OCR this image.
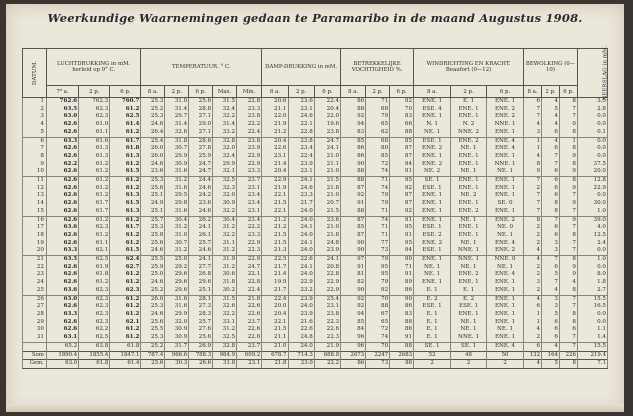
Weerkundige Waarnemingen gedaan te Paramaribo in de maand Augustus 1908.
DATUM.	LUCHTDRUKKING in mM. herleid op 0° C.			TEMPERATUUR. ° C.					DAMP-DRUKKING in mM.			BETREKKELIJKE VOCHTIGHEID %.			WINDRICHTING EN KRACHT. Beaufort (0—12)			BEWOLKING (0—10)			NEERSLAG in mM.
	7⁸ a.	2 p.	6 p.	8 a.	2 p.	6 p.	Max.	Min.	8 a.	2 p.	6 p.	8 a.	2 p.	6 p.	8 a.	2 p.	6 p.	8 a.	2 p.	6 p.	
1	762.6	762.3	760.7	25.3	31.0	25.6	31.5	22.8	20.6	23.6	22.4	86	71	92	ENE. 1	E. 1	ENE. 1	6	4	8	3.5
2	63.5	62.3	61.2	25.2	31.4	28.8	32.4	23.3	21.1	23.1	20.4	88	68	70	ESE. 4	ENE. 1	ENE. 2	7	5	7	2.8
3	63.0	62.3	62.5	25.3	29.7	27.1	32.2	23.8	22.0	24.6	22.0	92	79	83	ENE. 1	ENE. 1	ENE. 2	7	4	7	0.0
4	62.6	61.0	61.4	24.6	31.4	29.0	31.4	22.2	21.9	22.1	19.6	94	65	66	N. 1	N. 2	NNE. 1	4	4	0	0.0
5	62.6	61.1	61.2	26.4	32.6	27.1	33.2	22.4	21.2	22.8	23.8	83	62	88	NE. 1	NNE. 2	ENE. 1	3	6	8	0.1
6	63.3	61.6	61.7	25.4	31.8	28.6	32.8	23.8	20.4	23.8	24.7	85	68	85	ESE. 1	ENE. 2	ENE. 4	1	4	1	0.0
7	62.6	61.3	61.8	26.0	30.7	27.8	32.0	23.9	22.6	23.4	24.1	86	80	87	ENE. 2	NE. 1	ENE. 4	1	6	8	0.0
8	62.6	61.3	61.3	26.0	29.9	25.9	32.4	22.9	23.1	22.4	21.0	86	85	87	ENE. 1	ENE. 1	ENE. 1	4	7	9	0.0
9	62.2	61.2	61.2	24.6	30.9	24.7	29.9	22.9	21.4	23.9	21.1	90	72	94	ENE. 2	ENE. 1	NNE. 1	8	7	8	37.5
10	62.6	61.2	61.5	23.6	31.6	24.7	32.1	23.3	20.4	23.1	21.0	88	74	91	NE. 2	NE. 1	NE. 1	9	6	9	20.0
11	62.6	61.2	61.2	25.3	31.2	24.4	32.5	23.7	22.9	24.1	21.5	88	71	95	SE. 1	ENE. 1	ENE. 1	7	6	8	12.8
12	62.6	61.2	61.2	25.6	31.6	24.6	32.3	23.1	21.9	24.6	21.8	87	74	92	ESE. 1	ENE. 1	ENE. 1	2	6	9	22.9
13	62.6	61.2	61.3	25.1	29.5	24.2	32.0	23.4	22.1	23.3	21.0	92	79	87	ENE. 1	NE. 2	ENE. 1	7	6	7	0.0
14	62.6	61.7	61.5	24.9	29.8	23.6	30.9	23.4	21.5	21.7	20.7	91	79	87	ENE. 1	ENE. 1	SE. 0	7	8	9	30.0
15	62.6	61.7	61.3	25.1	31.6	24.6	32.2	23.1	22.1	24.0	21.5	88	71	92	ENE. 1	ENE. 2	ENE. 1	7	8	7	1.0
16	62.6	61.2	61.2	25.7	30.4	26.2	30.4	23.4	21.2	24.0	23.6	87	74	91	ENE. 1	NE. 1	ENE. 2	8	7	9	39.0
17	63.6	62.3	61.7	25.3	31.2	24.1	31.2	22.2	21.2	24.1	21.0	85	71	95	ESE. 1	ENE. 1	NE. 0	2	6	7	4.0
18	62.6	61.2	61.2	25.8	31.0	26.1	32.2	23.3	21.5	24.0	21.8	87	71	91	ESE. 2	ENE. 1	NE. 1	2	6	8	12.5
19	62.6	61.1	61.2	25.6	30.7	25.7	31.1	22.9	21.5	24.1	24.8	90	77	95	ENE. 2	NE. 1	ENE. 4	2	3	7	2.4
20	63.3	62.1	61.5	24.6	31.2	24.6	31.2	22.3	21.3	24.0	23.9	90	73	94	ESE. 1	NNE. 1	ENE. 2	4	3	7	0.0
21	63.5	62.5	62.4	25.5	25.0	24.1	31.9	22.9	22.5	22.6	24.1	97	79	90	ENE. 1	NNE. 1	NNE. 0	4	7	8	1.0
22	62.6	61.9	62.7	25.9	29.2	27.7	31.2	24.7	21.7	24.1	20.8	91	95	71	NE. 1	NE. 1	NE. 1	2	6	9	0.0
23	62.6	61.8	61.2	25.0	29.6	26.8	30.6	22.1	21.4	24.0	22.8	81	95	91	NE. 1	ENE. 2	ENE. 4	2	5	9	8.0
24	62.6	61.2	61.2	24.6	29.6	29.6	31.8	22.8	19.9	22.9	22.9	82	79	89	ENE. 1	ENE. 1	ENE. 1	3	7	4	1.8
25	63.6	62.3	62.3	25.2	29.6	25.1	30.2	22.4	21.7	23.2	22.9	90	92	86	E. 1	E. 1	ENE. 1	2	4	8	2.7
26	63.0	62.3	61.2	26.0	31.6	28.1	31.5	21.8	22.4	23.9	25.4	92	70	90	E. 2	E. 2	ENE. 1	4	3	7	15.5
27	62.6	62.3	61.2	25.3	31.6	27.3	32.6	22.6	20.0	24.0	23.1	92	88	86	ESE. 1	ESE. 1	ENE. 1	6	3	7	16.5
28	63.3	62.3	61.2	24.6	29.9	28.3	32.2	22.6	20.4	23.9	23.8	94	67	83	E. 1	ENE. 1	ENE. 1	1	5	8	0.0
29	62.6	62.3	62.1	25.6	32.0	25.7	33.1	23.7	22.1	21.6	22.3	85	65	88	E. 1	NE. 1	ENE. 1	1	6	8	0.0
30	62.6	62.2	61.2	25.5	30.9	27.6	31.2	22.6	21.5	22.6	22.6	84	72	86	E. 1	NE. 1	NE. 1	4	6	6	1.1
31	63.1	62.5	61.2	25.3	30.9	25.6	32.5	22.6	21.1	24.8	22.3	96	74	91	E. 1	NNE. 1	ENE. 1	2	6	7	1.4
	65.2	63.8	61.8	25.2	31.7	26.9	32.8	23.7	21.0	24.0	21.9	96	70	88	SE. 1	SE. 1	ENE. 4	6	4	7	15.5
Som	1890.4	1855.4	1847.1	787.4	966.6	788.3	984.9	609.2	678.7	714.3	688.8	2673	2247	2683	52	48	50	132	164	226	219.4
Gem.	63.0	61.8	61.4	25.6	30.3	26.6	31.8	23.1	21.8	23.0	22.2	86	73	88	2	2	2	4	5	8	7.1
